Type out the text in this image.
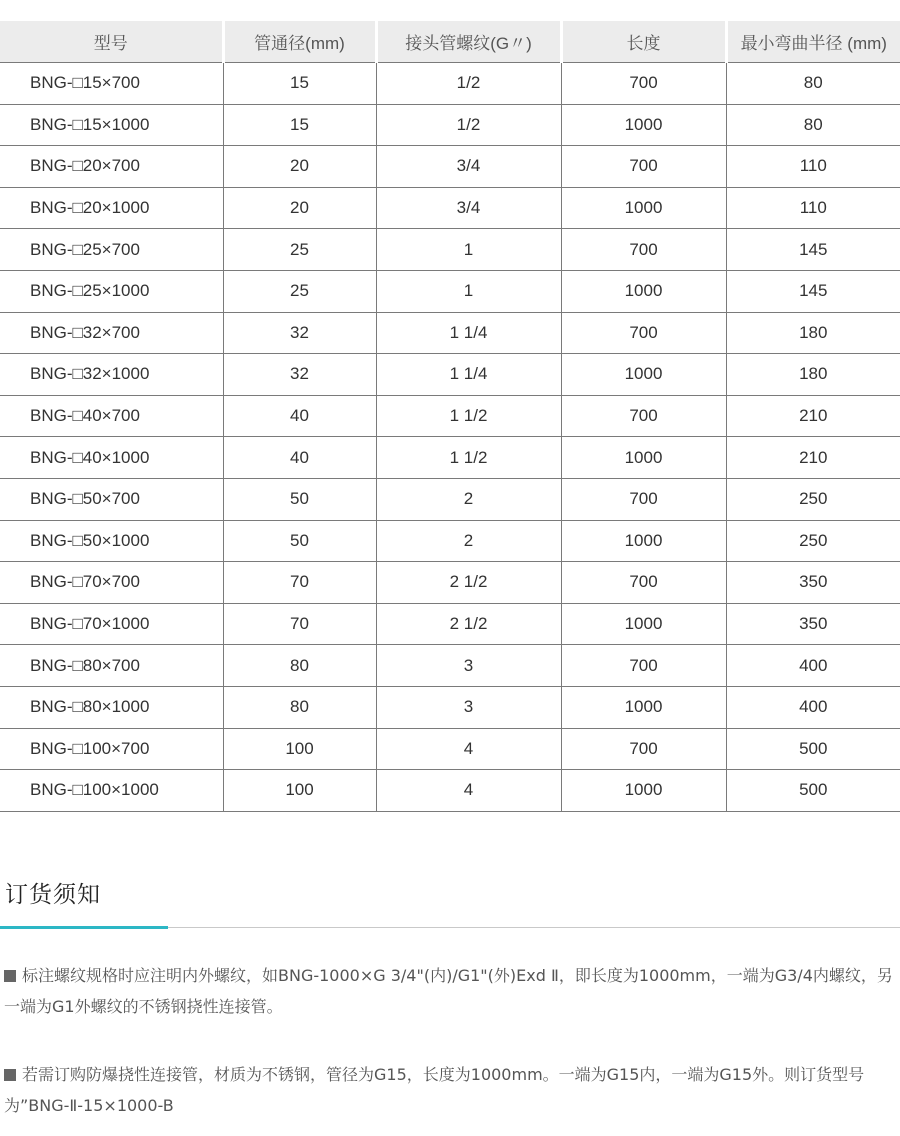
型号	管通径(mm)	接头管螺纹(G〃)	长度	最小弯曲半径 (mm)
BNG-□15×700	15	1/2	700	80
BNG-□15×1000	15	1/2	1000	80
BNG-□20×700	20	3/4	700	110
BNG-□20×1000	20	3/4	1000	110
BNG-□25×700	25	1	700	145
BNG-□25×1000	25	1	1000	145
BNG-□32×700	32	1 1/4	700	180
BNG-□32×1000	32	1 1/4	1000	180
BNG-□40×700	40	1 1/2	700	210
BNG-□40×1000	40	1 1/2	1000	210
BNG-□50×700	50	2	700	250
BNG-□50×1000	50	2	1000	250
BNG-□70×700	70	2 1/2	700	350
BNG-□70×1000	70	2 1/2	1000	350
BNG-□80×700	80	3	700	400
BNG-□80×1000	80	3	1000	400
BNG-□100×700	100	4	700	500
BNG-□100×1000	100	4	1000	500
订货须知

标注螺纹规格时应注明内外螺纹，如BNG-1000×G 3/4"(内)/G1"(外)Exd Ⅱ，即长度为1000mm，一端为G3/4内螺纹，另一端为G1外螺纹的不锈钢挠性连接管。

若需订购防爆挠性连接管，材质为不锈钢，管径为G15，长度为1000mm。一端为G15内，一端为G15外。则订货型号为”BNG-Ⅱ-15×1000-B
